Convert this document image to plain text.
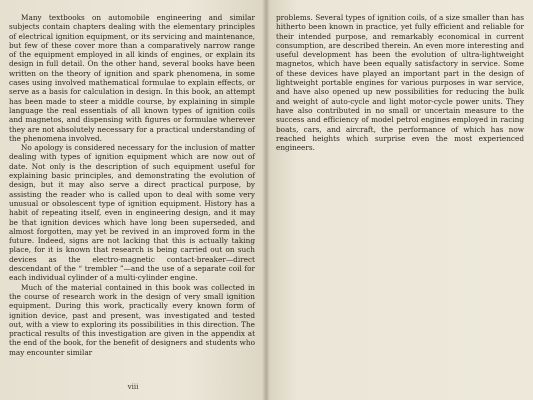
Many textbooks on automobile engineering and similar subjects contain chapters dealing with the elementary principles of electrical ignition equipment, or its servicing and maintenance, but few of these cover more than a comparatively narrow range of the equipment employed in all kinds of engines, or explain its design in full detail. On the other hand, several books have been written on the theory of ignition and spark phenomena, in some cases using involved mathematical formulae to explain effects, or serve as a basis for calculation in design. In this book, an attempt has been made to steer a middle course, by explaining in simple language the real essentials of all known types of ignition coils and magnetos, and dispensing with figures or formulae wherever they are not absolutely necessary for a practical understanding of the phenomena involved.

No apology is considered necessary for the inclusion of matter dealing with types of ignition equipment which are now out of date. Not only is the description of such equipment useful for explaining basic principles, and demonstrating the evolution of design, but it may also serve a direct practical purpose, by assisting the reader who is called upon to deal with some very unusual or obsolescent type of ignition equipment. History has a habit of repeating itself, even in engineering design, and it may be that ignition devices which have long been superseded, and almost forgotten, may yet be revived in an improved form in the future. Indeed, signs are not lacking that this is actually taking place, for it is known that research is being carried out on such devices as the electro-magnetic contact-breaker—direct descendant of the “ trembler ”—and the use of a separate coil for each individual cylinder of a multi-cylinder engine.

Much of the material contained in this book was collected in the course of research work in the design of very small ignition equipment. During this work, practically every known form of ignition device, past and present, was investigated and tested out, with a view to exploring its possibilities in this direction. The practical results of this investigation are given in the appendix at the end of the book, for the benefit of designers and students who may encounter similar

viii

problems. Several types of ignition coils, of a size smaller than has hitherto been known in practice, yet fully efficient and reliable for their intended purpose, and remarkably economical in current consumption, are described therein. An even more interesting and useful development has been the evolution of ultra-lightweight magnetos, which have been equally satisfactory in service. Some of these devices have played an important part in the design of lightweight portable engines for various purposes in war service, and have also opened up new possibilities for reducing the bulk and weight of auto-cycle and light motor-cycle power units. They have also contributed in no small or uncertain measure to the success and efficiency of model petrol engines employed in racing boats, cars, and aircraft, the performance of which has now reached heights which surprise even the most experienced engineers.
